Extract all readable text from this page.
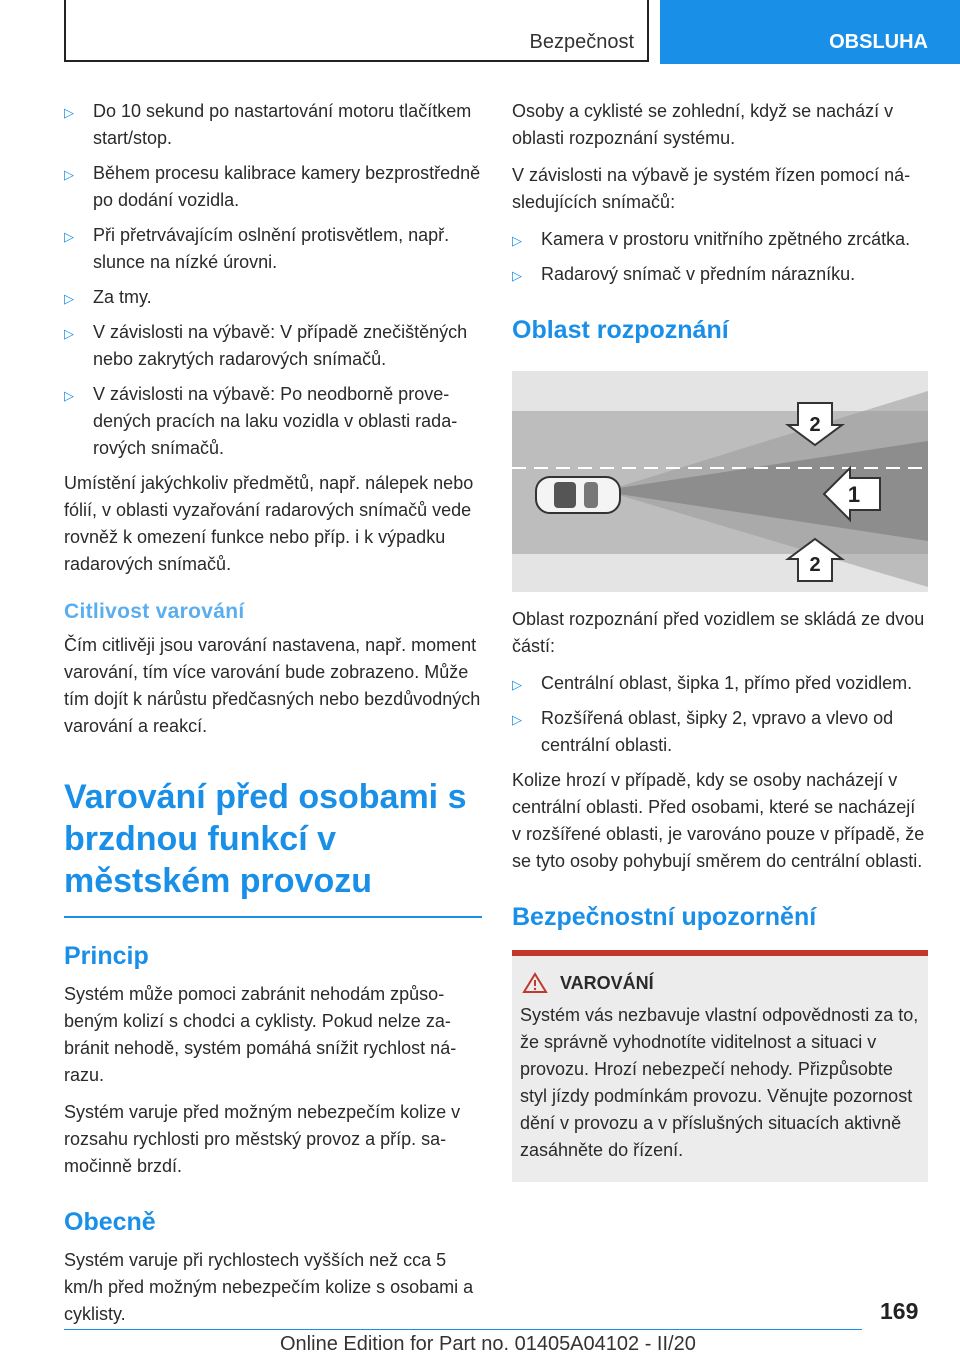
Bezpečnost	OBSLUHA
▷ Do 10 sekund po nastartování motoru tlačítkem start/stop.
▷ Během procesu kalibrace kamery bezprostředně po dodání vozidla.
▷ Při přetrvávajícím oslnění protisvětlem, např. slunce na nízké úrovni.
▷ Za tmy.
▷ V závislosti na výbavě: V případě znečištěných nebo zakrytých radarových snímačů.
▷ V závislosti na výbavě: Po neodborně provedených pracích na laku vozidla v oblasti radarových snímačů.

Umístění jakýchkoliv předmětů, např. nálepek nebo fólií, v oblasti vyzařování radarových snímačů vede rovněž k omezení funkce nebo příp. i k výpadku radarových snímačů.

Citlivost varování

Čím citlivěji jsou varování nastavena, např. moment varování, tím více varování bude zobrazeno. Může tím dojít k nárůstu předčasných nebo bezdůvodných varování a reakcí.

Varování před osobami s brzdnou funkcí v městském provozu
Princip

Systém může pomoci zabránit nehodám způsobeným kolizí s chodci a cyklisty. Pokud nelze zabránit nehodě, systém pomáhá snížit rychlost nárazu.

Systém varuje před možným nebezpečím kolize v rozsahu rychlosti pro městský provoz a příp. samočinně brzdí.

Obecně

Systém varuje při rychlostech vyšších než cca 5 km/h před možným nebezpečím kolize s osobami a cyklisty.

Osoby a cyklisté se zohlední, když se nachází v oblasti rozpoznání systému.

V závislosti na výbavě je systém řízen pomocí následujících snímačů:

▷ Kamera v prostoru vnitřního zpětného zrcátka.
▷ Radarový snímač v předním nárazníku.
Oblast rozpoznání
2
1
2

Oblast rozpoznání před vozidlem se skládá ze dvou částí:

▷ Centrální oblast, šipka 1, přímo před vozidlem.
▷ Rozšířená oblast, šipky 2, vpravo a vlevo od centrální oblasti.

Kolize hrozí v případě, kdy se osoby nacházejí v centrální oblasti. Před osobami, které se nacházejí v rozšířené oblasti, je varováno pouze v případě, že se tyto osoby pohybují směrem do centrální oblasti.

Bezpečnostní upozornění
VAROVÁNÍ

Systém vás nezbavuje vlastní odpovědnosti za to, že správně vyhodnotíte viditelnost a situaci v provozu. Hrozí nebezpečí nehody. Přizpůsobte styl jízdy podmínkám provozu. Věnujte pozornost dění v provozu a v příslušných situacích aktivně zasáhněte do řízení.

169
Online Edition for Part no. 01405A04102 - II/20
